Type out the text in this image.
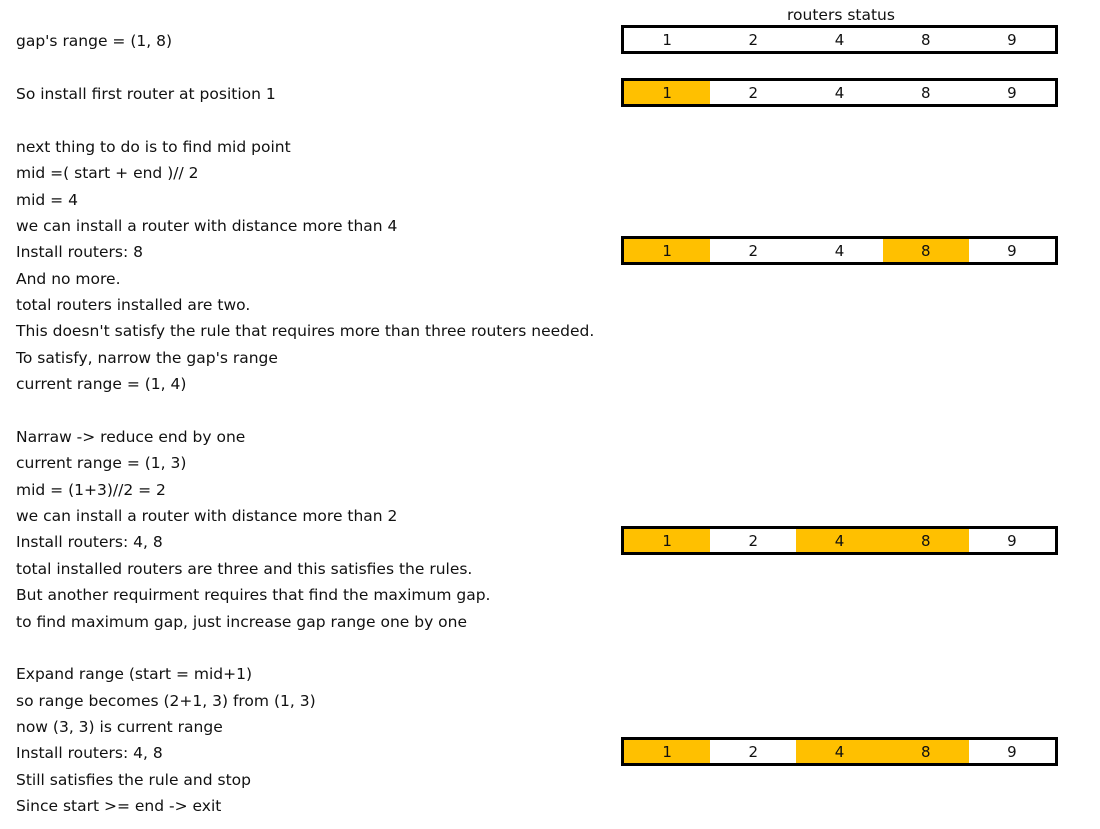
gap's range = (1, 8)
So install first router at position 1
next thing to do is to find mid point
mid =( start + end )// 2
mid = 4
we can install a router with distance more than 4
Install routers: 8
And no more.
total routers installed are two.
This doesn't satisfy the rule that requires more than three routers needed.
To satisfy, narrow the gap's range
current range = (1, 4)
Narraw -> reduce end by one
current range = (1, 3)
mid = (1+3)//2 = 2
we can install a router with distance more than 2
Install routers: 4, 8
total installed routers are three and this satisfies the rules.
But another requirment requires that find the maximum gap.
to find maximum gap, just increase gap range one by one
Expand range (start = mid+1)
so range becomes (2+1, 3) from (1, 3)
now (3, 3) is current range
Install routers: 4, 8
Still satisfies the rule and stop
Since start >= end -> exit
routers status
1	2	4	8	9
1	2	4	8	9
1	2	4	8	9
1	2	4	8	9
1	2	4	8	9
